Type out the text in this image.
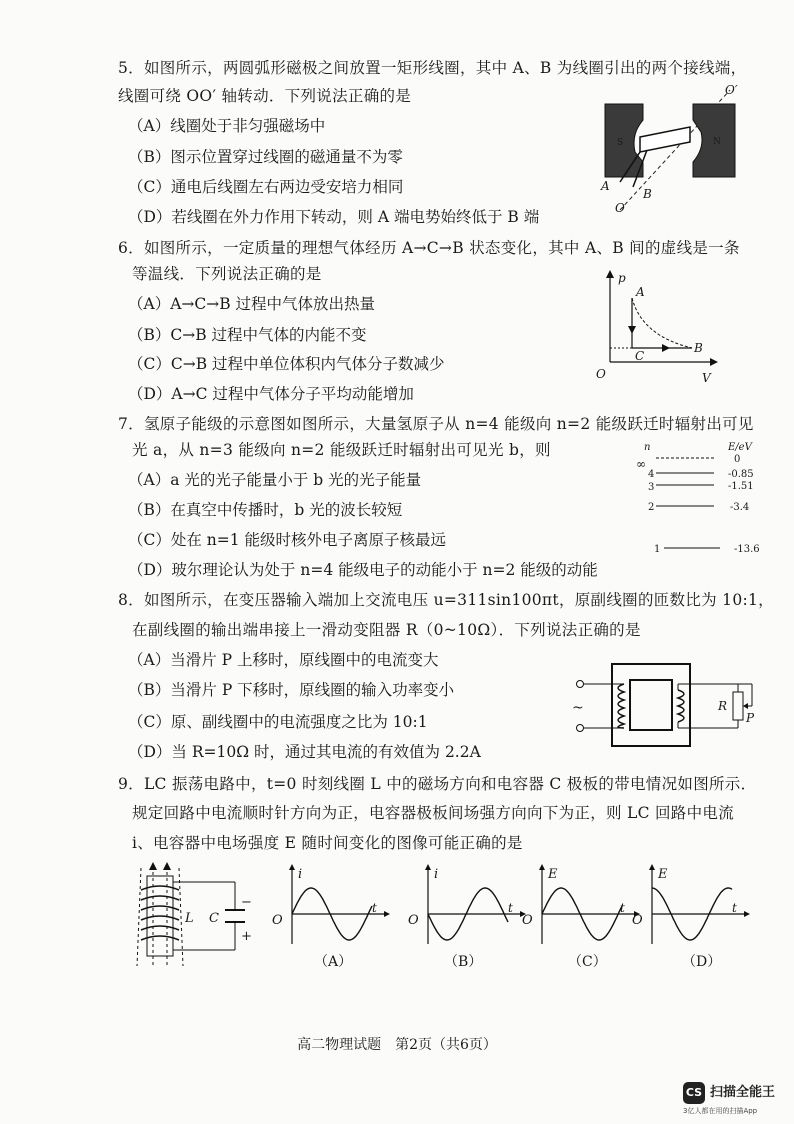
5．如图所示，两圆弧形磁极之间放置一矩形线圈，其中 A、B 为线圈引出的两个接线端，
线圈可绕 OO′ 轴转动．下列说法正确的是
（A）线圈处于非匀强磁场中
（B）图示位置穿过线圈的磁通量不为零
（C）通电后线圈左右两边受安培力相同
（D）若线圈在外力作用下转动，则 A 端电势始终低于 B 端
S	N
O′
A
B
O
6．如图所示，一定质量的理想气体经历 A→C→B 状态变化，其中 A、B 间的虚线是一条
等温线．下列说法正确的是
（A）A→C→B 过程中气体放出热量
（B）C→B 过程中气体的内能不变
（C）C→B 过程中单位体积内气体分子数减少
（D）A→C 过程中气体分子平均动能增加
p
V
O
A
B
C
7．氢原子能级的示意图如图所示，大量氢原子从 n=4 能级向 n=2 能级跃迁时辐射出可见
光 a，从 n=3 能级向 n=2 能级跃迁时辐射出可见光 b，则
（A）a 光的光子能量小于 b 光的光子能量
（B）在真空中传播时，b 光的波长较短
（C）处在 n=1 能级时核外电子离原子核最远
（D）玻尔理论认为处于 n=4 能级电子的动能小于 n=2 能级的动能
n	E/eV
∞	0
4	-0.85
3	-1.51
2	-3.4
1	-13.6
8．如图所示，在变压器输入端加上交流电压 u=311sin100πt，原副线圈的匝数比为 10:1，
在副线圈的输出端串接上一滑动变阻器 R（0~10Ω）．下列说法正确的是
（A）当滑片 P 上移时，原线圈中的电流变大
（B）当滑片 P 下移时，原线圈的输入功率变小
（C）原、副线圈中的电流强度之比为 10:1
（D）当 R=10Ω 时，通过其电流的有效值为 2.2A
~	R
P
9．LC 振荡电路中，t=0 时刻线圈 L 中的磁场方向和电容器 C 极板的带电情况如图所示．
规定回路中电流顺时针方向为正，电容器极板间场强方向向下为正，则 LC 回路中电流
i、电容器中电场强度 E 随时间变化的图像可能正确的是
L C
−
+
（A）	（B）	（C）	（D）
i	i	E	E
O	O	O	O
t	t	t	t
高二物理试题　第2页（共6页）
CS 扫描全能王
3亿人都在用的扫描App
